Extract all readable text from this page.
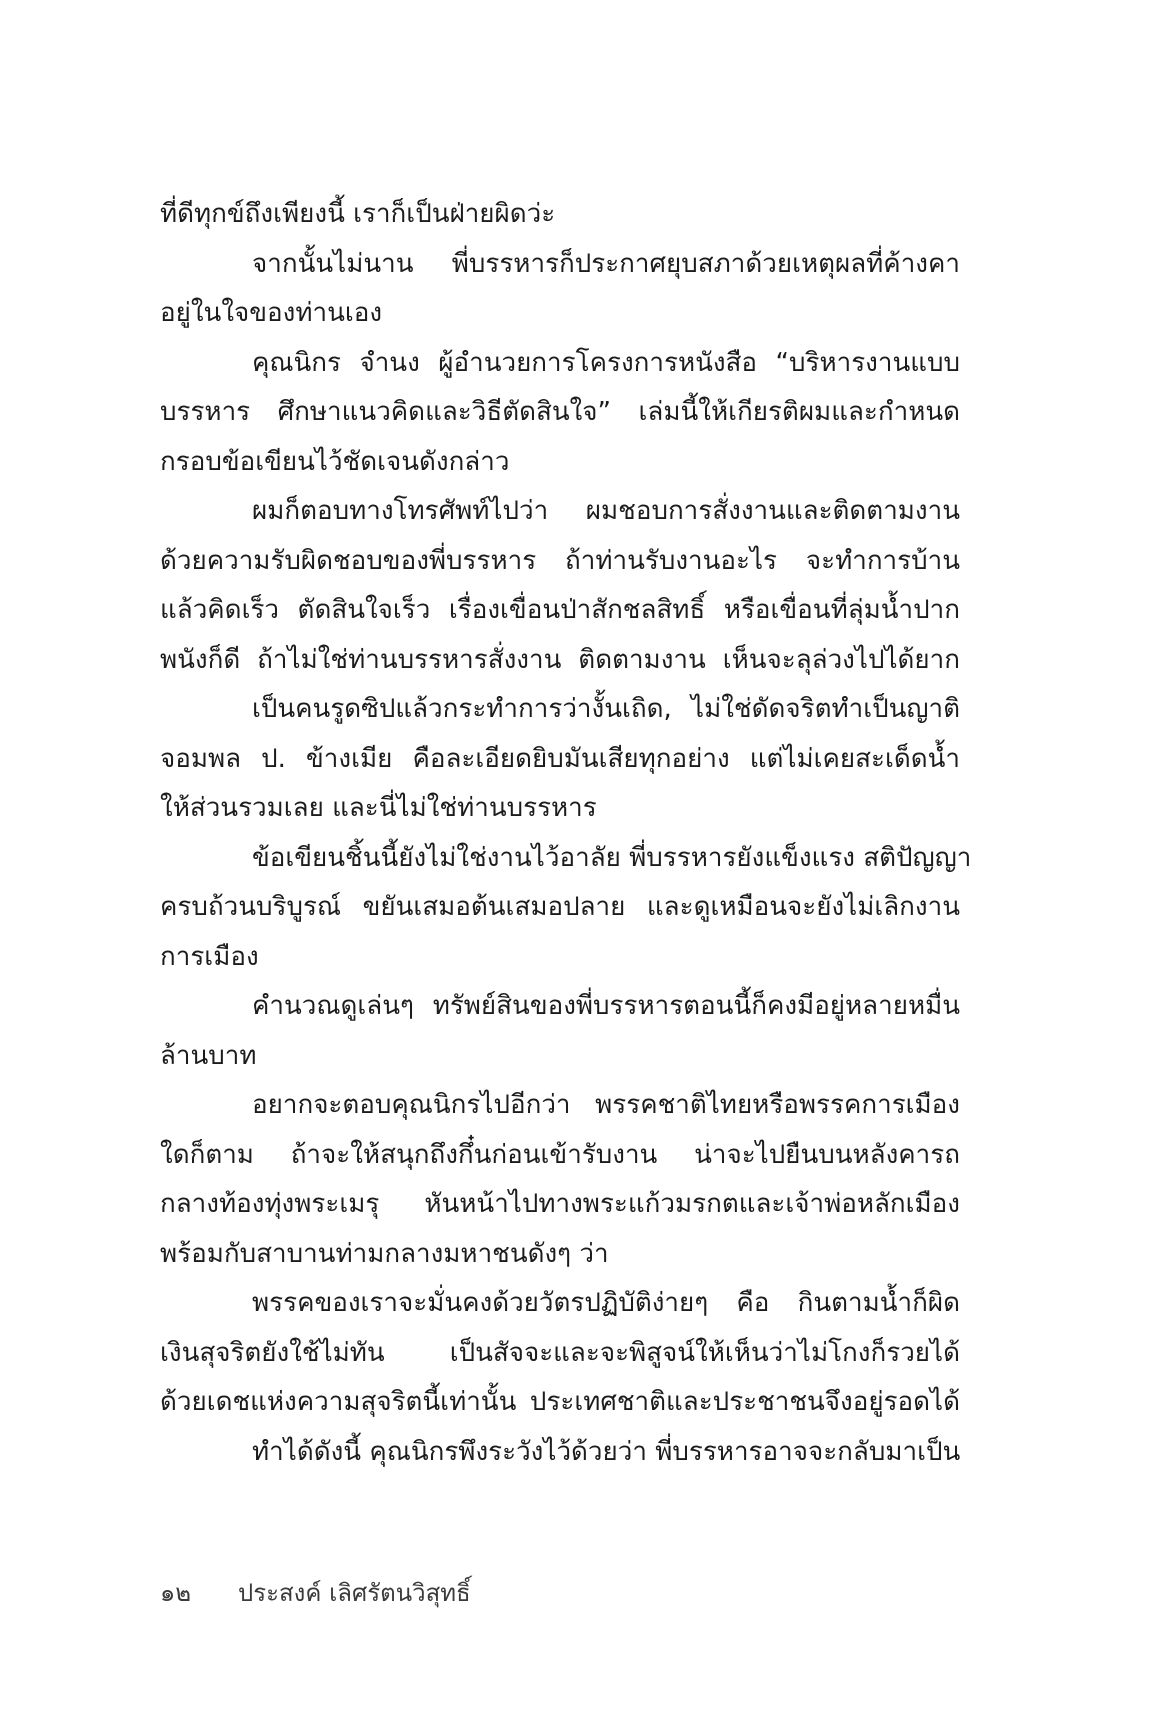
ที่ดีทุกข์ถึงเพียงนี้ เราก็เป็นฝ่ายผิดว่ะ
จากนั้นไม่นาน พี่บรรหารก็ประกาศยุบสภาด้วยเหตุผลที่ค้างคา
อยู่ในใจของท่านเอง
คุณนิกร จำนง ผู้อำนวยการโครงการหนังสือ “บริหารงานแบบ
บรรหาร ศึกษาแนวคิดและวิธีตัดสินใจ” เล่มนี้ให้เกียรติผมและกำหนด
กรอบข้อเขียนไว้ชัดเจนดังกล่าว
ผมก็ตอบทางโทรศัพท์ไปว่า ผมชอบการสั่งงานและติดตามงาน
ด้วยความรับผิดชอบของพี่บรรหาร ถ้าท่านรับงานอะไร จะทำการบ้าน
แล้วคิดเร็ว ตัดสินใจเร็ว เรื่องเขื่อนป่าสักชลสิทธิ์ หรือเขื่อนที่ลุ่มน้ำปาก
พนังก็ดี ถ้าไม่ใช่ท่านบรรหารสั่งงาน ติดตามงาน เห็นจะลุล่วงไปได้ยาก
เป็นคนรูดซิปแล้วกระทำการว่างั้นเถิด, ไม่ใช่ดัดจริตทำเป็นญาติ
จอมพล ป. ข้างเมีย คือละเอียดยิบมันเสียทุกอย่าง แต่ไม่เคยสะเด็ดน้ำ
ให้ส่วนรวมเลย และนี่ไม่ใช่ท่านบรรหาร
ข้อเขียนชิ้นนี้ยังไม่ใช่งานไว้อาลัย พี่บรรหารยังแข็งแรง สติปัญญา
ครบถ้วนบริบูรณ์ ขยันเสมอต้นเสมอปลาย และดูเหมือนจะยังไม่เลิกงาน
การเมือง
คำนวณดูเล่นๆ ทรัพย์สินของพี่บรรหารตอนนี้ก็คงมีอยู่หลายหมื่น
ล้านบาท
อยากจะตอบคุณนิกรไปอีกว่า พรรคชาติไทยหรือพรรคการเมือง
ใดก็ตาม ถ้าจะให้สนุกถึงกึ๋นก่อนเข้ารับงาน น่าจะไปยืนบนหลังคารถ
กลางท้องทุ่งพระเมรุ หันหน้าไปทางพระแก้วมรกตและเจ้าพ่อหลักเมือง
พร้อมกับสาบานท่ามกลางมหาชนดังๆ ว่า
พรรคของเราจะมั่นคงด้วยวัตรปฏิบัติง่ายๆ คือ กินตามน้ำก็ผิด
เงินสุจริตยังใช้ไม่ทัน เป็นสัจจะและจะพิสูจน์ให้เห็นว่าไม่โกงก็รวยได้
ด้วยเดชแห่งความสุจริตนี้เท่านั้น ประเทศชาติและประชาชนจึงอยู่รอดได้
ทำได้ดังนี้ คุณนิกรพึงระวังไว้ด้วยว่า พี่บรรหารอาจจะกลับมาเป็น
๑๒ ประสงค์ เลิศรัตนวิสุทธิ์
